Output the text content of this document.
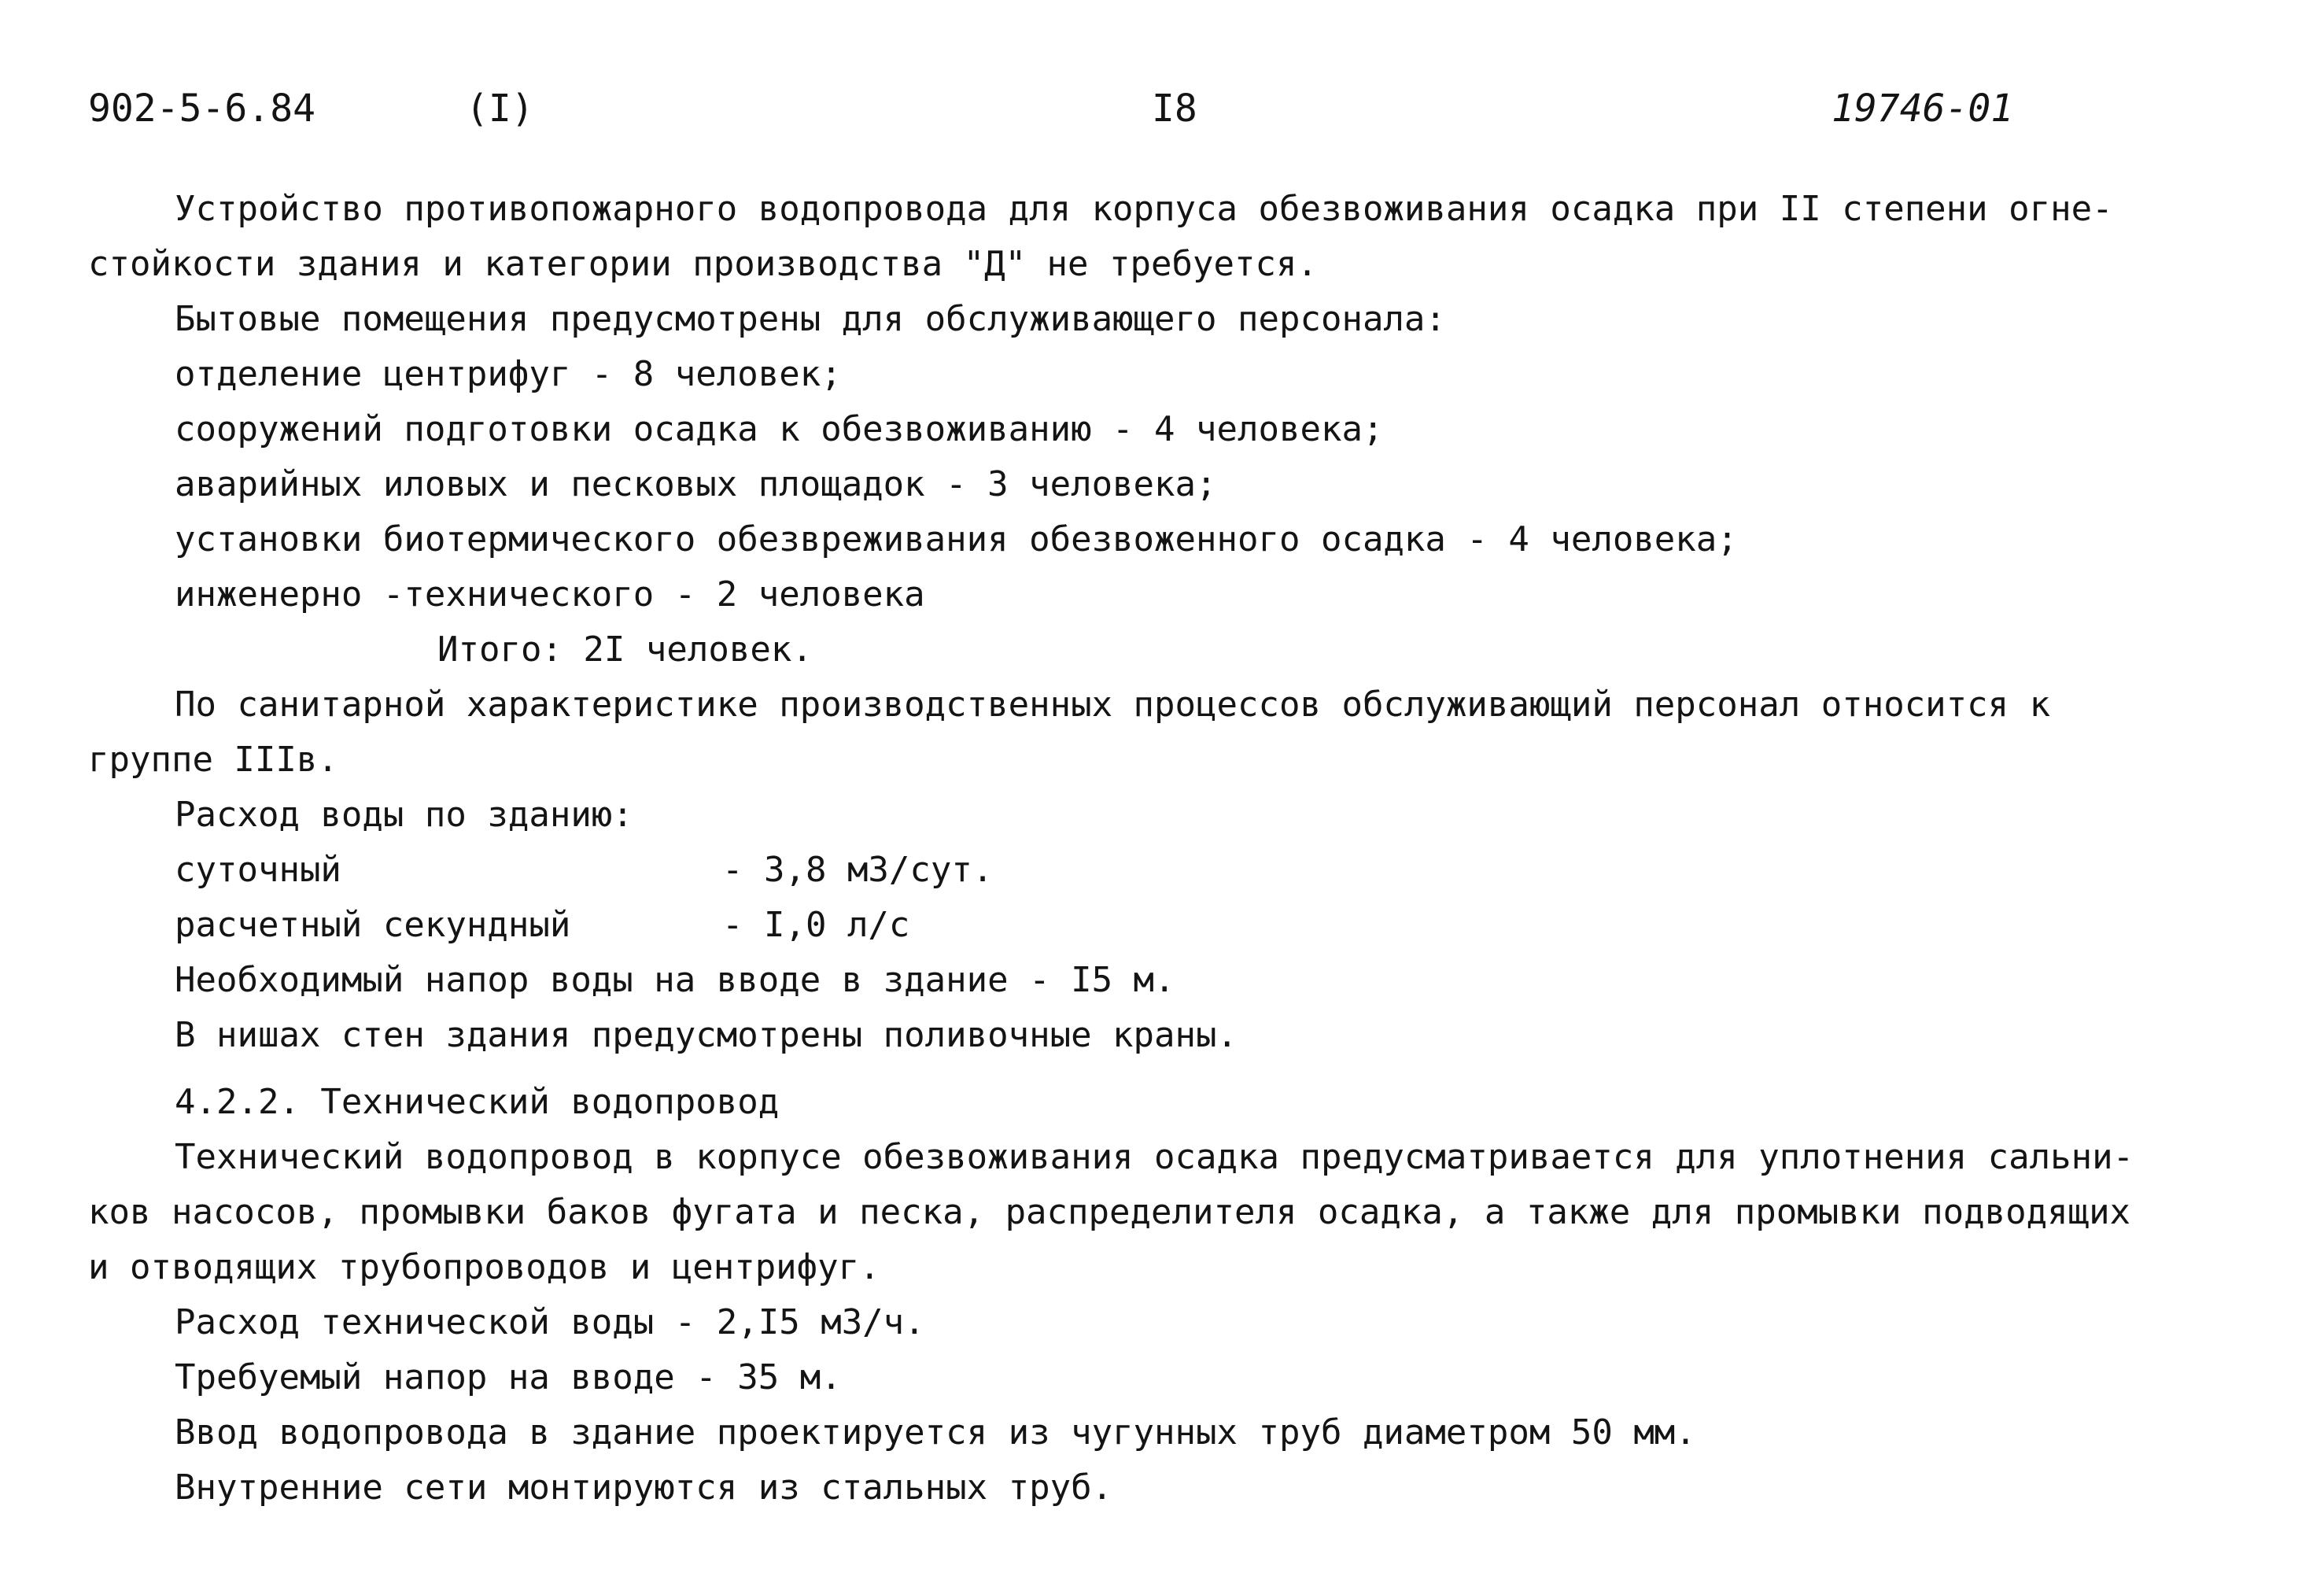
902-5-6.84	(I)	I8	19746-01

Устройство противопожарного водопровода для корпуса обезвоживания осадка при II степени огне-

стойкости здания и категории производства "Д" не требуется.

Бытовые помещения предусмотрены для обслуживающего персонала:

отделение центрифуг - 8 человек;

сооружений подготовки осадка к обезвоживанию - 4 человека;

аварийных иловых и песковых площадок - 3 человека;

установки биотермического обезвреживания обезвоженного осадка - 4 человека;

инженерно -технического - 2 человека

Итого: 2I человек.

По санитарной характеристике производственных процессов обслуживающий персонал относится к

группе IIIв.

Расход воды по зданию:

суточный	- 3,8 м3/сут.

расчетный секундный	- I,0 л/с

Необходимый напор воды на вводе в здание - I5 м.

В нишах стен здания предусмотрены поливочные краны.

4.2.2. Технический водопровод

Технический водопровод в корпусе обезвоживания осадка предусматривается для уплотнения сальни-

ков насосов, промывки баков фугата и песка, распределителя осадка, а также для промывки подводящих

и отводящих трубопроводов и центрифуг.

Расход технической воды - 2,I5 м3/ч.

Требуемый напор на вводе - 35 м.

Ввод водопровода в здание проектируется из чугунных труб диаметром 50 мм.

Внутренние сети монтируются из стальных труб.
